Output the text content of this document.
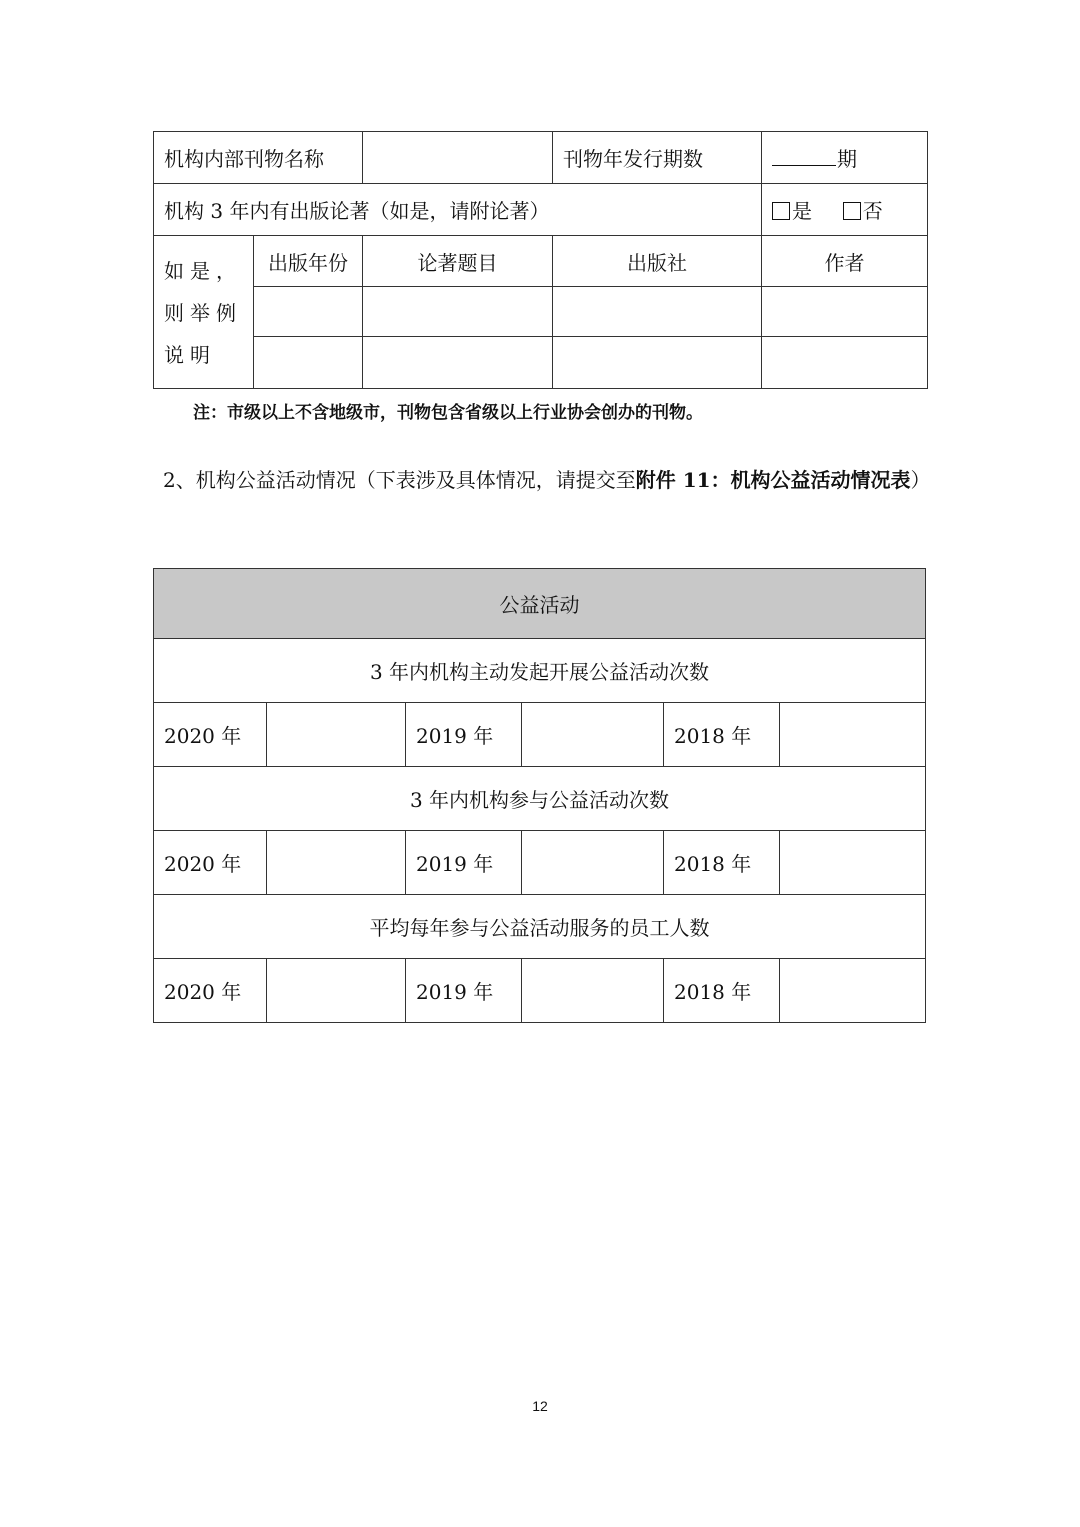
机构内部刊物名称			刊物年发行期数	期
机构 3 年内有出版论著（如是，请附论著）				是 否
如是，则举例说明	出版年份	论著题目	出版社	作者

注：市级以上不含地级市，刊物包含省级以上行业协会创办的刊物。
2、机构公益活动情况（下表涉及具体情况，请提交至附件 11：机构公益活动情况表）
公益活动					
3 年内机构主动发起开展公益活动次数					
2020 年		2019 年		2018 年	
3 年内机构参与公益活动次数					
2020 年		2019 年		2018 年	
平均每年参与公益活动服务的员工人数					
2020 年		2019 年		2018 年	
12
